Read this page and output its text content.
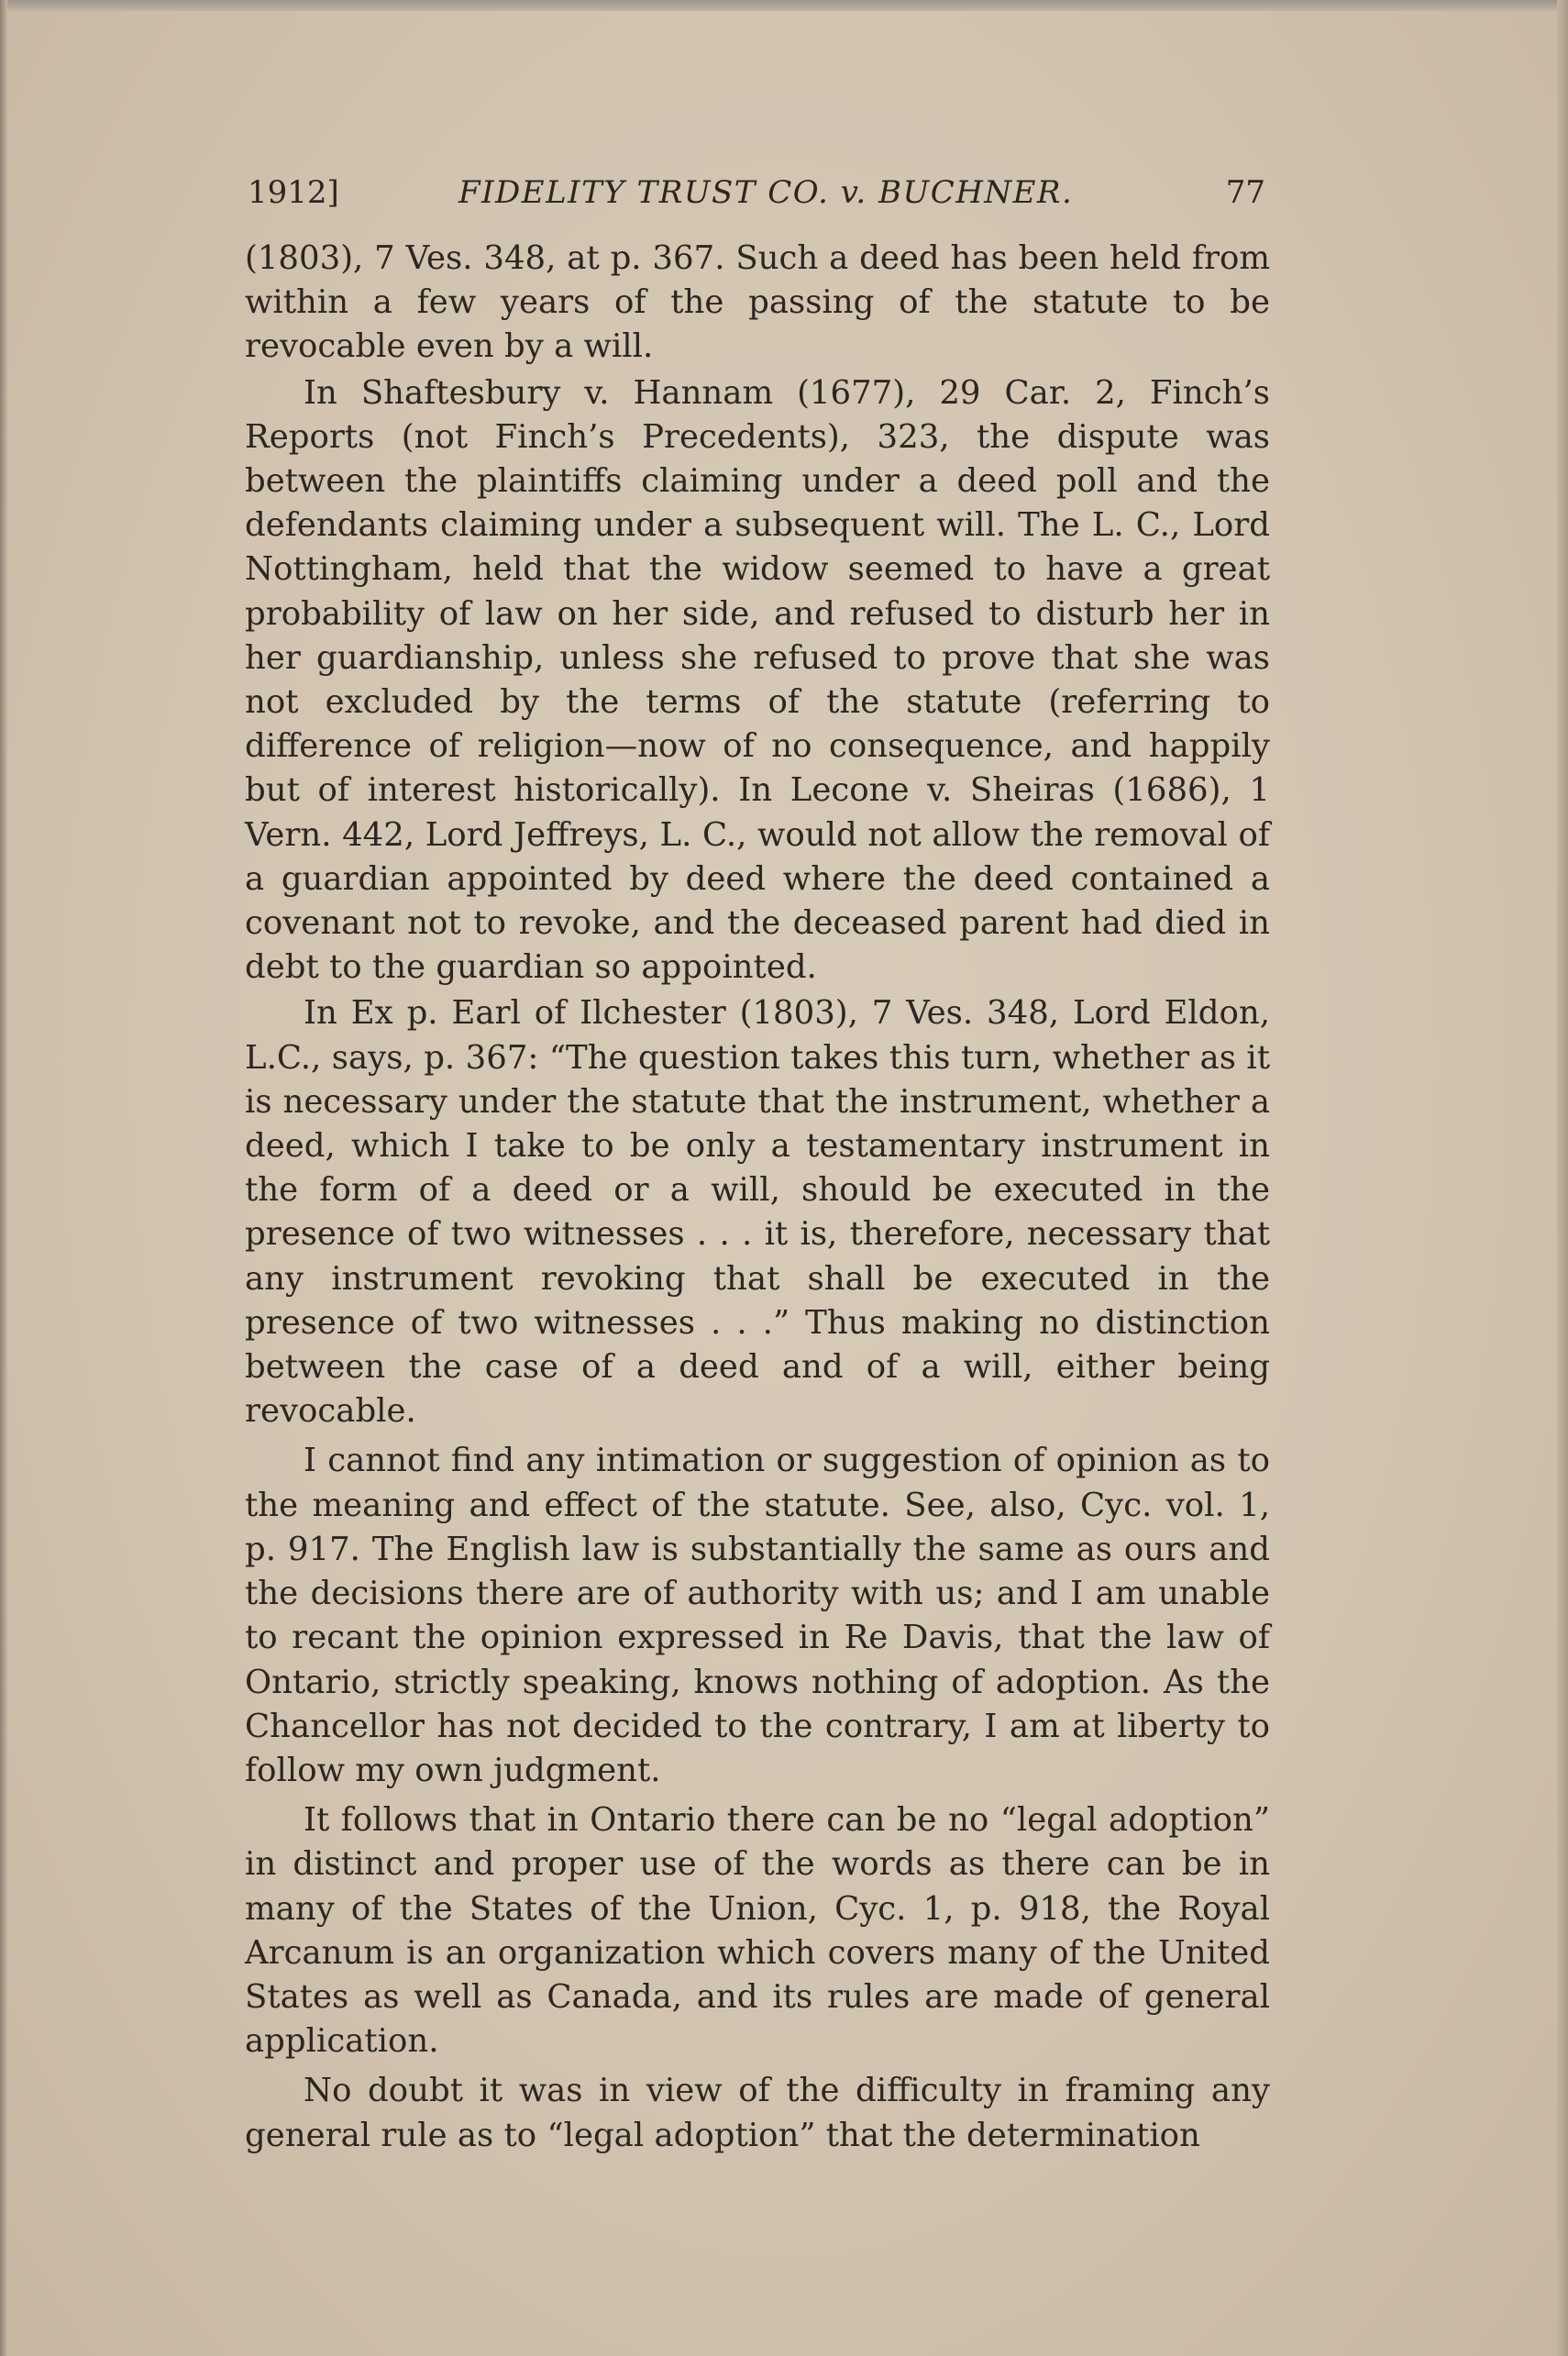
1912]	FIDELITY TRUST CO. v. BUCHNER.	77

(1803), 7 Ves. 348, at p. 367. Such a deed has been held from within a few years of the passing of the statute to be revocable even by a will.

In Shaftesbury v. Hannam (1677), 29 Car. 2, Finch’s Reports (not Finch’s Precedents), 323, the dispute was between the plaintiffs claiming under a deed poll and the defendants claiming under a subsequent will. The L. C., Lord Nottingham, held that the widow seemed to have a great probability of law on her side, and refused to disturb her in her guardianship, unless she refused to prove that she was not excluded by the terms of the statute (referring to difference of religion—now of no consequence, and happily but of interest historically). In Lecone v. Sheiras (1686), 1 Vern. 442, Lord Jeffreys, L. C., would not allow the removal of a guardian appointed by deed where the deed contained a covenant not to revoke, and the deceased parent had died in debt to the guardian so appointed.

In Ex p. Earl of Ilchester (1803), 7 Ves. 348, Lord Eldon, L.C., says, p. 367: “The question takes this turn, whether as it is necessary under the statute that the instrument, whether a deed, which I take to be only a testamentary instrument in the form of a deed or a will, should be executed in the presence of two witnesses . . . it is, therefore, necessary that any instrument revoking that shall be executed in the presence of two witnesses . . .” Thus making no distinction between the case of a deed and of a will, either being revocable.

I cannot find any intimation or suggestion of opinion as to the meaning and effect of the statute. See, also, Cyc. vol. 1, p. 917. The English law is substantially the same as ours and the decisions there are of authority with us; and I am unable to recant the opinion expressed in Re Davis, that the law of Ontario, strictly speaking, knows nothing of adoption. As the Chancellor has not decided to the contrary, I am at liberty to follow my own judgment.

It follows that in Ontario there can be no “legal adoption” in distinct and proper use of the words as there can be in many of the States of the Union, Cyc. 1, p. 918, the Royal Arcanum is an organization which covers many of the United States as well as Canada, and its rules are made of general application.

No doubt it was in view of the difficulty in framing any general rule as to “legal adoption” that the determination
